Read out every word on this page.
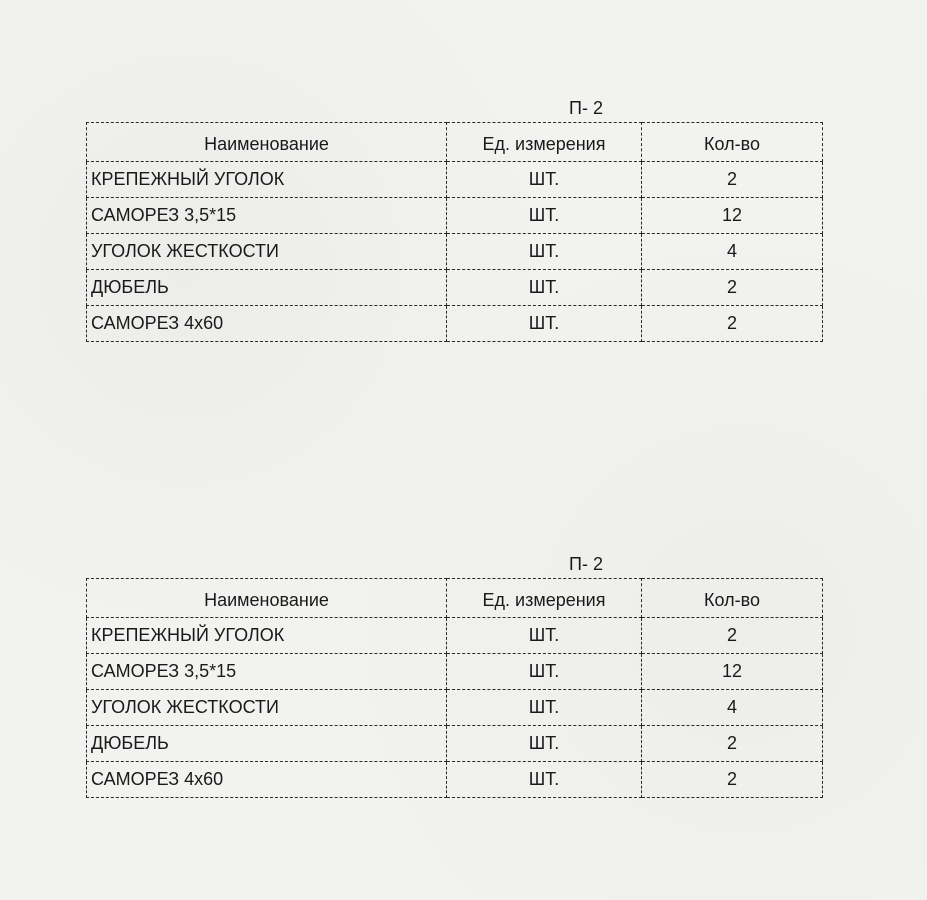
П- 2
Наименование	Ед. измерения	Кол-во
КРЕПЕЖНЫЙ УГОЛОК	ШТ.	2
САМОРЕЗ 3,5*15	ШТ.	12
УГОЛОК ЖЕСТКОСТИ	ШТ.	4
ДЮБЕЛЬ	ШТ.	2
САМОРЕЗ 4х60	ШТ.	2
П- 2
Наименование	Ед. измерения	Кол-во
КРЕПЕЖНЫЙ УГОЛОК	ШТ.	2
САМОРЕЗ 3,5*15	ШТ.	12
УГОЛОК ЖЕСТКОСТИ	ШТ.	4
ДЮБЕЛЬ	ШТ.	2
САМОРЕЗ 4х60	ШТ.	2
